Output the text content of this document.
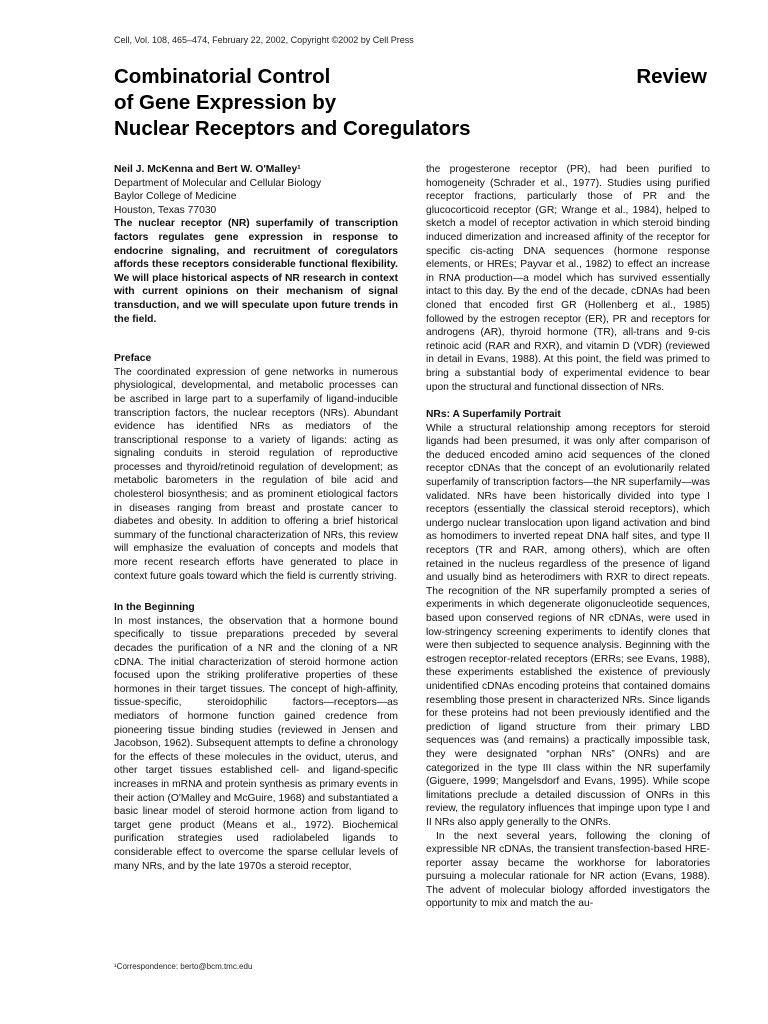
Cell, Vol. 108, 465–474, February 22, 2002, Copyright ©2002 by Cell Press
Combinatorial Control
of Gene Expression by
Nuclear Receptors and Coregulators
Review
Neil J. McKenna and Bert W. O'Malley¹
Department of Molecular and Cellular Biology
Baylor College of Medicine
Houston, Texas 77030

The nuclear receptor (NR) superfamily of transcription factors regulates gene expression in response to endocrine signaling, and recruitment of coregulators affords these receptors considerable functional flexibility. We will place historical aspects of NR research in context with current opinions on their mechanism of signal transduction, and we will speculate upon future trends in the field.

Preface

The coordinated expression of gene networks in numerous physiological, developmental, and metabolic processes can be ascribed in large part to a superfamily of ligand-inducible transcription factors, the nuclear receptors (NRs). Abundant evidence has identified NRs as mediators of the transcriptional response to a variety of ligands: acting as signaling conduits in steroid regulation of reproductive processes and thyroid/retinoid regulation of development; as metabolic barometers in the regulation of bile acid and cholesterol biosynthesis; and as prominent etiological factors in diseases ranging from breast and prostate cancer to diabetes and obesity. In addition to offering a brief historical summary of the functional characterization of NRs, this review will emphasize the evaluation of concepts and models that more recent research efforts have generated to place in context future goals toward which the field is currently striving.

In the Beginning

In most instances, the observation that a hormone bound specifically to tissue preparations preceded by several decades the purification of a NR and the cloning of a NR cDNA. The initial characterization of steroid hormone action focused upon the striking proliferative properties of these hormones in their target tissues. The concept of high-affinity, tissue-specific, steroidophilic factors—receptors—as mediators of hormone function gained credence from pioneering tissue binding studies (reviewed in Jensen and Jacobson, 1962). Subsequent attempts to define a chronology for the effects of these molecules in the oviduct, uterus, and other target tissues established cell- and ligand-specific increases in mRNA and protein synthesis as primary events in their action (O'Malley and McGuire, 1968) and substantiated a basic linear model of steroid hormone action from ligand to target gene product (Means et al., 1972). Biochemical purification strategies used radiolabeled ligands to considerable effect to overcome the sparse cellular levels of many NRs, and by the late 1970s a steroid receptor,

the progesterone receptor (PR), had been purified to homogeneity (Schrader et al., 1977). Studies using purified receptor fractions, particularly those of PR and the glucocorticoid receptor (GR; Wrange et al., 1984), helped to sketch a model of receptor activation in which steroid binding induced dimerization and increased affinity of the receptor for specific cis-acting DNA sequences (hormone response elements, or HREs; Payvar et al., 1982) to effect an increase in RNA production—a model which has survived essentially intact to this day. By the end of the decade, cDNAs had been cloned that encoded first GR (Hollenberg et al., 1985) followed by the estrogen receptor (ER), PR and receptors for androgens (AR), thyroid hormone (TR), all-trans and 9-cis retinoic acid (RAR and RXR), and vitamin D (VDR) (reviewed in detail in Evans, 1988). At this point, the field was primed to bring a substantial body of experimental evidence to bear upon the structural and functional dissection of NRs.

NRs: A Superfamily Portrait

While a structural relationship among receptors for steroid ligands had been presumed, it was only after comparison of the deduced encoded amino acid sequences of the cloned receptor cDNAs that the concept of an evolutionarily related superfamily of transcription factors—the NR superfamily—was validated. NRs have been historically divided into type I receptors (essentially the classical steroid receptors), which undergo nuclear translocation upon ligand activation and bind as homodimers to inverted repeat DNA half sites, and type II receptors (TR and RAR, among others), which are often retained in the nucleus regardless of the presence of ligand and usually bind as heterodimers with RXR to direct repeats. The recognition of the NR superfamily prompted a series of experiments in which degenerate oligonucleotide sequences, based upon conserved regions of NR cDNAs, were used in low-stringency screening experiments to identify clones that were then subjected to sequence analysis. Beginning with the estrogen receptor-related receptors (ERRs; see Evans, 1988), these experiments established the existence of previously unidentified cDNAs encoding proteins that contained domains resembling those present in characterized NRs. Since ligands for these proteins had not been previously identified and the prediction of ligand structure from their primary LBD sequences was (and remains) a practically impossible task, they were designated “orphan NRs” (ONRs) and are categorized in the type III class within the NR superfamily (Giguere, 1999; Mangelsdorf and Evans, 1995). While scope limitations preclude a detailed discussion of ONRs in this review, the regulatory influences that impinge upon type I and II NRs also apply generally to the ONRs.

In the next several years, following the cloning of expressible NR cDNAs, the transient transfection-based HRE-reporter assay became the workhorse for laboratories pursuing a molecular rationale for NR action (Evans, 1988). The advent of molecular biology afforded investigators the opportunity to mix and match the au-

¹Correspondence: berto@bcm.tmc.edu
